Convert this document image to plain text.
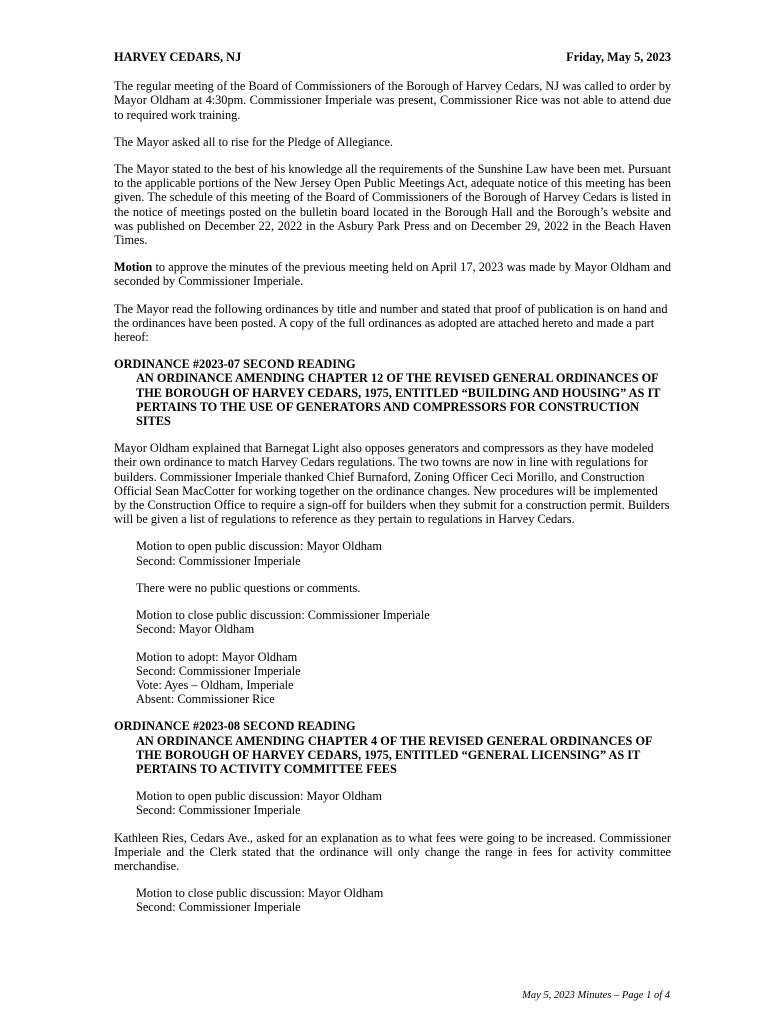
HARVEY CEDARS, NJ	Friday, May 5, 2023

The regular meeting of the Board of Commissioners of the Borough of Harvey Cedars, NJ was called to order by Mayor Oldham at 4:30pm. Commissioner Imperiale was present, Commissioner Rice was not able to attend due to required work training.

The Mayor asked all to rise for the Pledge of Allegiance.

The Mayor stated to the best of his knowledge all the requirements of the Sunshine Law have been met. Pursuant to the applicable portions of the New Jersey Open Public Meetings Act, adequate notice of this meeting has been given. The schedule of this meeting of the Board of Commissioners of the Borough of Harvey Cedars is listed in the notice of meetings posted on the bulletin board located in the Borough Hall and the Borough’s website and was published on December 22, 2022 in the Asbury Park Press and on December 29, 2022 in the Beach Haven Times.

Motion to approve the minutes of the previous meeting held on April 17, 2023 was made by Mayor Oldham and seconded by Commissioner Imperiale.

The Mayor read the following ordinances by title and number and stated that proof of publication is on hand and the ordinances have been posted. A copy of the full ordinances as adopted are attached hereto and made a part hereof:

ORDINANCE #2023-07 SECOND READING
AN ORDINANCE AMENDING CHAPTER 12 OF THE REVISED GENERAL ORDINANCES OF THE BOROUGH OF HARVEY CEDARS, 1975, ENTITLED “BUILDING AND HOUSING” AS IT PERTAINS TO THE USE OF GENERATORS AND COMPRESSORS FOR CONSTRUCTION SITES

Mayor Oldham explained that Barnegat Light also opposes generators and compressors as they have modeled their own ordinance to match Harvey Cedars regulations. The two towns are now in line with regulations for builders. Commissioner Imperiale thanked Chief Burnaford, Zoning Officer Ceci Morillo, and Construction Official Sean MacCotter for working together on the ordinance changes. New procedures will be implemented by the Construction Office to require a sign-off for builders when they submit for a construction permit. Builders will be given a list of regulations to reference as they pertain to regulations in Harvey Cedars.

Motion to open public discussion: Mayor Oldham
Second: Commissioner Imperiale
There were no public questions or comments.
Motion to close public discussion: Commissioner Imperiale
Second: Mayor Oldham
Motion to adopt: Mayor Oldham
Second: Commissioner Imperiale
Vote: Ayes – Oldham, Imperiale
Absent: Commissioner Rice
ORDINANCE #2023-08 SECOND READING
AN ORDINANCE AMENDING CHAPTER 4 OF THE REVISED GENERAL ORDINANCES OF THE BOROUGH OF HARVEY CEDARS, 1975, ENTITLED “GENERAL LICENSING” AS IT PERTAINS TO ACTIVITY COMMITTEE FEES
Motion to open public discussion: Mayor Oldham
Second: Commissioner Imperiale

Kathleen Ries, Cedars Ave., asked for an explanation as to what fees were going to be increased. Commissioner Imperiale and the Clerk stated that the ordinance will only change the range in fees for activity committee merchandise.

Motion to close public discussion: Mayor Oldham
Second: Commissioner Imperiale
May 5, 2023 Minutes – Page 1 of 4
